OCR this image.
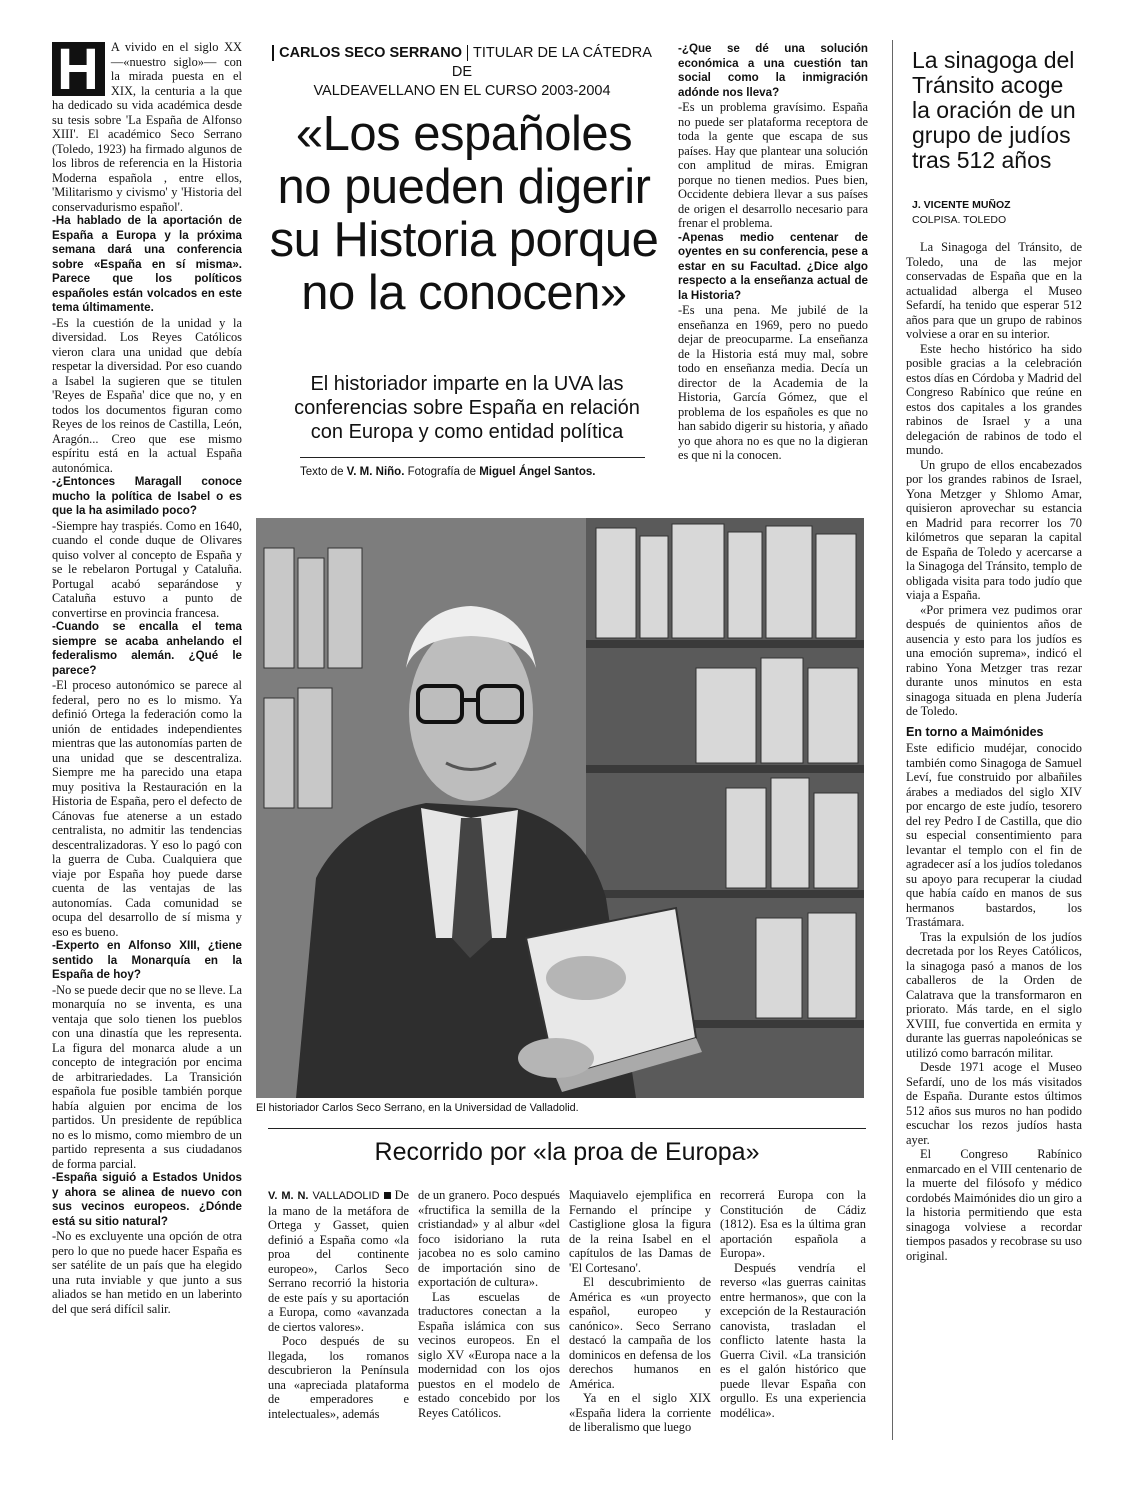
H A vivido en el siglo XX —«nuestro siglo»— con la mirada puesta en el XIX, la centuria a la que ha dedicado su vida académica desde su tesis sobre 'La España de Alfonso XIII'. El académico Seco Serrano (Toledo, 1923) ha firmado algunos de los libros de referencia en la Historia Moderna española , entre ellos, 'Militarismo y civismo' y 'Historia del conservadurismo español'.

-Ha hablado de la aportación de España a Europa y la próxima semana dará una conferencia sobre «España en sí misma». Parece que los políticos españoles están volcados en este tema últimamente.

-Es la cuestión de la unidad y la diversidad. Los Reyes Católicos vieron clara una unidad que debía respetar la diversidad. Por eso cuando a Isabel la sugieren que se titulen 'Reyes de España' dice que no, y en todos los documentos figuran como Reyes de los reinos de Castilla, León, Aragón... Creo que ese mismo espíritu está en la actual España autonómica.

-¿Entonces Maragall conoce mucho la política de Isabel o es que la ha asimilado poco?

-Siempre hay traspiés. Como en 1640, cuando el conde duque de Olivares quiso volver al concepto de España y se le rebelaron Portugal y Cataluña. Portugal acabó separándose y Cataluña estuvo a punto de convertirse en provincia francesa.

-Cuando se encalla el tema siempre se acaba anhelando el federalismo alemán. ¿Qué le parece?

-El proceso autonómico se parece al federal, pero no es lo mismo. Ya definió Ortega la federación como la unión de entidades independientes mientras que las autonomías parten de una unidad que se descentraliza. Siempre me ha parecido una etapa muy positiva la Restauración en la Historia de España, pero el defecto de Cánovas fue atenerse a un estado centralista, no admitir las tendencias descentralizadoras. Y eso lo pagó con la guerra de Cuba. Cualquiera que viaje por España hoy puede darse cuenta de las ventajas de las autonomías. Cada comunidad se ocupa del desarrollo de sí misma y eso es bueno.

-Experto en Alfonso XIII, ¿tiene sentido la Monarquía en la España de hoy?

-No se puede decir que no se lleve. La monarquía no se inventa, es una ventaja que solo tienen los pueblos con una dinastía que les representa. La figura del monarca alude a un concepto de integración por encima de arbitrariedades. La Transición española fue posible también porque había alguien por encima de los partidos. Un presidente de república no es lo mismo, como miembro de un partido representa a sus ciudadanos de forma parcial.

-España siguió a Estados Unidos y ahora se alinea de nuevo con sus vecinos europeos. ¿Dónde está su sitio natural?

-No es excluyente una opción de otra pero lo que no puede hacer España es ser satélite de un país que ha elegido una ruta inviable y que junto a sus aliados se han metido en un laberinto del que será difícil salir.

CARLOS SECO SERRANO TITULAR DE LA CÁTEDRA DE
VALDEAVELLANO EN EL CURSO 2003-2004
«Los españoles
no pueden digerir
su Historia porque
no la conocen»
El historiador imparte en la UVA las
conferencias sobre España en relación
con Europa y como entidad política
Texto de V. M. Niño. Fotografía de Miguel Ángel Santos.

-¿Que se dé una solución económica a una cuestión tan social como la inmigración adónde nos lleva?

-Es un problema gravísimo. España no puede ser plataforma receptora de toda la gente que escapa de sus países. Hay que plantear una solución con amplitud de miras. Emigran porque no tienen medios. Pues bien, Occidente debiera llevar a sus países de origen el desarrollo necesario para frenar el problema.

-Apenas medio centenar de oyentes en su conferencia, pese a estar en su Facultad. ¿Dice algo respecto a la enseñanza actual de la Historia?

-Es una pena. Me jubilé de la enseñanza en 1969, pero no puedo dejar de preocuparme. La enseñanza de la Historia está muy mal, sobre todo en enseñanza media. Decía un director de la Academia de la Historia, García Gómez, que el problema de los españoles es que no han sabido digerir su historia, y añado yo que ahora no es que no la digieran es que ni la conocen.

El historiador Carlos Seco Serrano, en la Universidad de Valladolid.
Recorrido por «la proa de Europa»

V. M. N. VALLADOLID De la mano de la metáfora de Ortega y Gasset, quien definió a España como «la proa del continente europeo», Carlos Seco Serrano recorrió la historia de este país y su aportación a Europa, como «avanzada de ciertos valores».

Poco después de su llegada, los romanos descubrieron la Península una «apreciada plataforma de emperadores e intelectuales», además

de un granero. Poco después «fructifica la semilla de la cristiandad» y al albur «del foco isidoriano la ruta jacobea no es solo camino de importación sino de exportación de cultura».

Las escuelas de traductores conectan a la España islámica con sus vecinos europeos. En el siglo XV «Europa nace a la modernidad con los ojos puestos en el modelo de estado concebido por los Reyes Católicos.

Maquiavelo ejemplifica en Fernando el príncipe y Castiglione glosa la figura de la reina Isabel en el capítulos de las Damas de 'El Cortesano'.

El descubrimiento de América es «un proyecto español, europeo y canónico». Seco Serrano destacó la campaña de los dominicos en defensa de los derechos humanos en América.

Ya en el siglo XIX «España lidera la corriente de liberalismo que luego

recorrerá Europa con la Constitución de Cádiz (1812). Esa es la última gran aportación española a Europa».

Después vendría el reverso «las guerras cainitas entre hermanos», que con la excepción de la Restauración canovista, trasladan el conflicto latente hasta la Guerra Civil. «La transición es el galón histórico que puede llevar España con orgullo. Es una experiencia modélica».

La sinagoga del
Tránsito acoge
la oración de un
grupo de judíos
tras 512 años
J. VICENTE MUÑOZ
COLPISA. TOLEDO

La Sinagoga del Tránsito, de Toledo, una de las mejor conservadas de España que en la actualidad alberga el Museo Sefardí, ha tenido que esperar 512 años para que un grupo de rabinos volviese a orar en su interior.

Este hecho histórico ha sido posible gracias a la celebración estos días en Córdoba y Madrid del Congreso Rabínico que reúne en estos dos capitales a los grandes rabinos de Israel y a una delegación de rabinos de todo el mundo.

Un grupo de ellos encabezados por los grandes rabinos de Israel, Yona Metzger y Shlomo Amar, quisieron aprovechar su estancia en Madrid para recorrer los 70 kilómetros que separan la capital de España de Toledo y acercarse a la Sinagoga del Tránsito, templo de obligada visita para todo judío que viaja a España.

«Por primera vez pudimos orar después de quinientos años de ausencia y esto para los judíos es una emoción suprema», indicó el rabino Yona Metzger tras rezar durante unos minutos en esta sinagoga situada en plena Judería de Toledo.

En torno a Maimónides

Este edificio mudéjar, conocido también como Sinagoga de Samuel Leví, fue construido por albañiles árabes a mediados del siglo XIV por encargo de este judío, tesorero del rey Pedro I de Castilla, que dio su especial consentimiento para levantar el templo con el fin de agradecer así a los judíos toledanos su apoyo para recuperar la ciudad que había caído en manos de sus hermanos bastardos, los Trastámara.

Tras la expulsión de los judíos decretada por los Reyes Católicos, la sinagoga pasó a manos de los caballeros de la Orden de Calatrava que la transformaron en priorato. Más tarde, en el siglo XVIII, fue convertida en ermita y durante las guerras napoleónicas se utilizó como barracón militar.

Desde 1971 acoge el Museo Sefardí, uno de los más visitados de España. Durante estos últimos 512 años sus muros no han podido escuchar los rezos judíos hasta ayer.

El Congreso Rabínico enmarcado en el VIII centenario de la muerte del filósofo y médico cordobés Maimónides dio un giro a la historia permitiendo que esta sinagoga volviese a recordar tiempos pasados y recobrase su uso original.
